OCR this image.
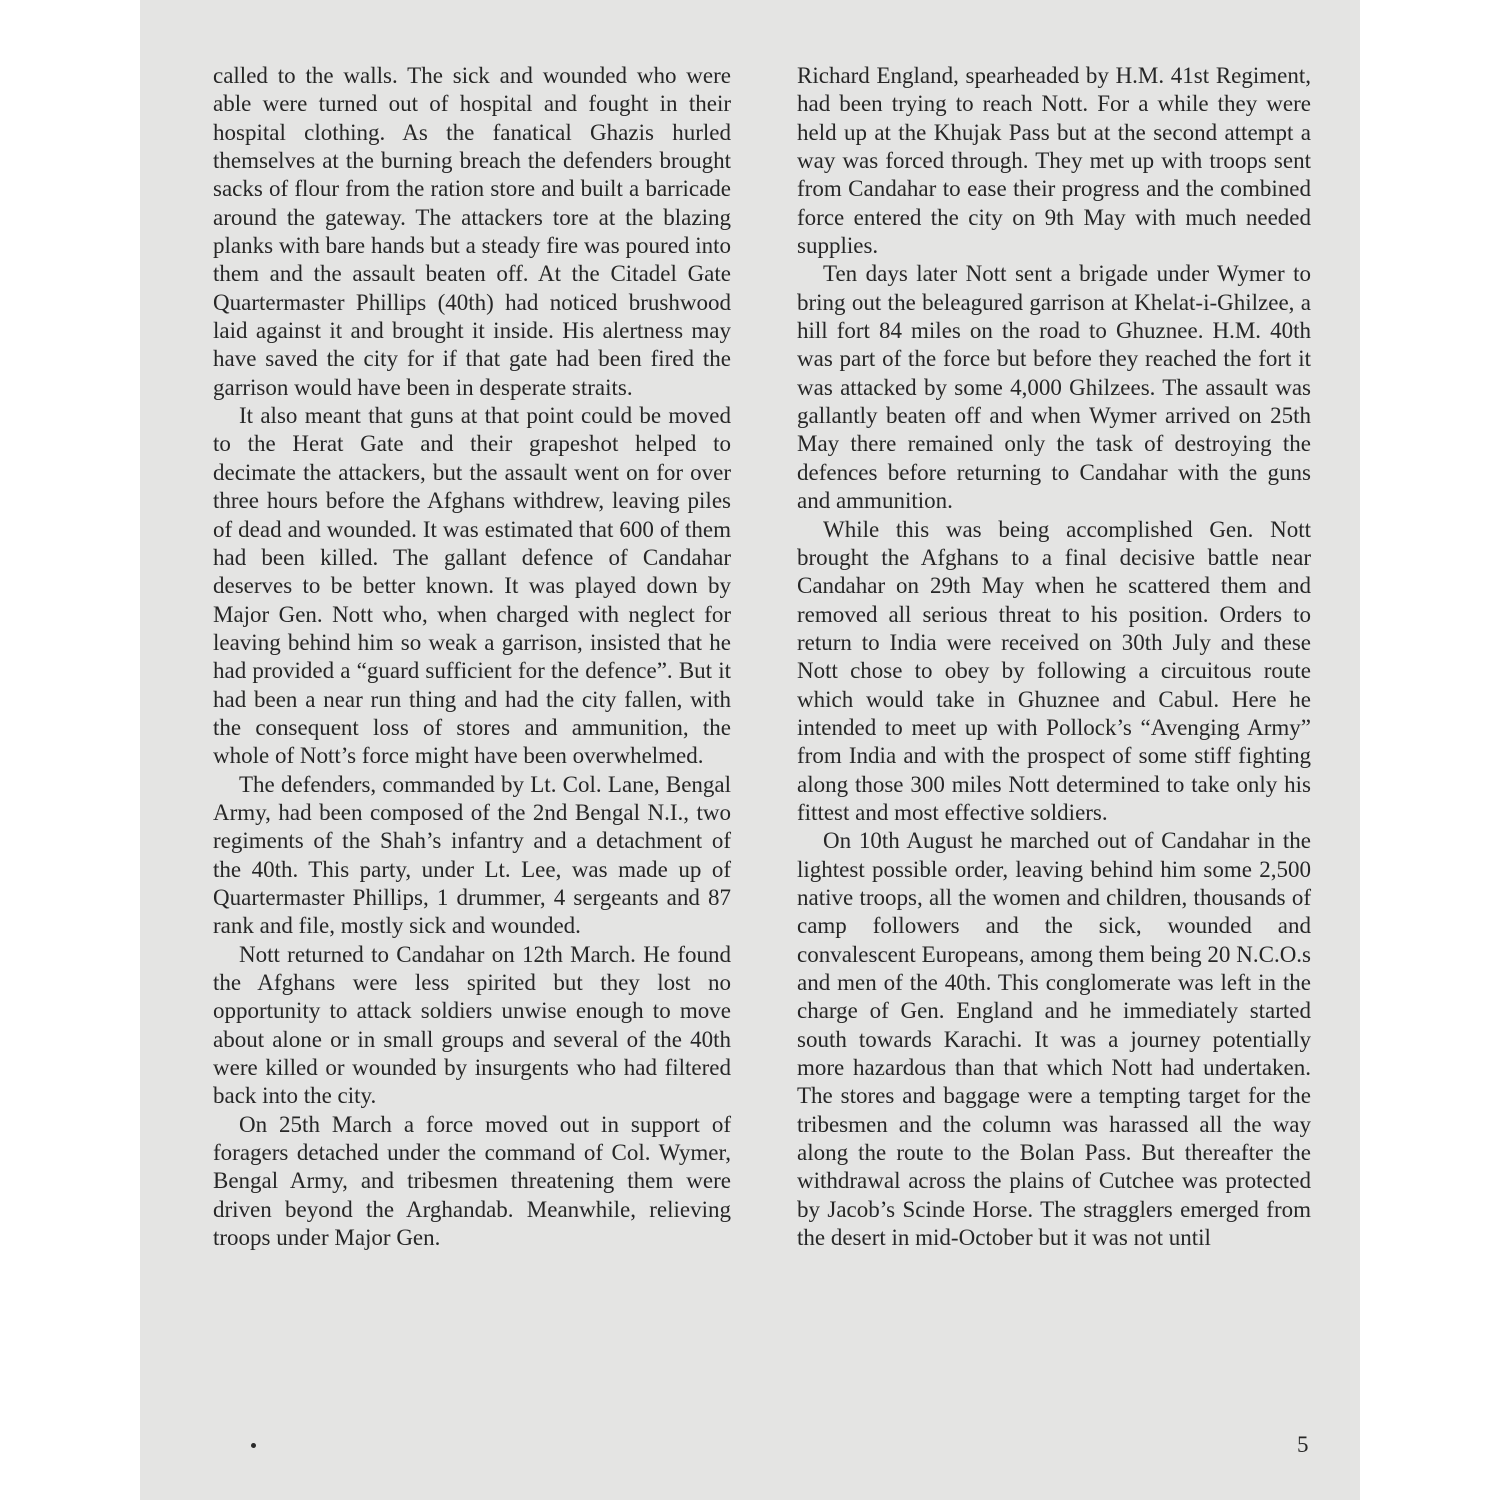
called to the walls. The sick and wounded who were able were turned out of hospital and fought in their hospital clothing. As the fanatical Ghazis hurled themselves at the burning breach the defenders brought sacks of flour from the ration store and built a barricade around the gateway. The attackers tore at the blazing planks with bare hands but a steady fire was poured into them and the assault beaten off. At the Citadel Gate Quartermaster Phillips (40th) had noticed brushwood laid against it and brought it inside. His alertness may have saved the city for if that gate had been fired the garrison would have been in desperate straits.

It also meant that guns at that point could be moved to the Herat Gate and their grapeshot helped to decimate the attackers, but the assault went on for over three hours before the Afghans withdrew, leaving piles of dead and wounded. It was estimated that 600 of them had been killed. The gallant defence of Candahar deserves to be better known. It was played down by Major Gen. Nott who, when charged with neglect for leaving behind him so weak a garrison, insisted that he had provided a “guard sufficient for the defence”. But it had been a near run thing and had the city fallen, with the consequent loss of stores and ammunition, the whole of Nott’s force might have been overwhelmed.

The defenders, commanded by Lt. Col. Lane, Bengal Army, had been composed of the 2nd Bengal N.I., two regiments of the Shah’s infantry and a detachment of the 40th. This party, under Lt. Lee, was made up of Quartermaster Phillips, 1 drummer, 4 sergeants and 87 rank and file, mostly sick and wounded.

Nott returned to Candahar on 12th March. He found the Afghans were less spirited but they lost no opportunity to attack soldiers unwise enough to move about alone or in small groups and several of the 40th were killed or wounded by insurgents who had filtered back into the city.

On 25th March a force moved out in support of foragers detached under the command of Col. Wymer, Bengal Army, and tribesmen threatening them were driven beyond the Arghandab. Meanwhile, relieving troops under Major Gen.

Richard England, spearheaded by H.M. 41st Regiment, had been trying to reach Nott. For a while they were held up at the Khujak Pass but at the second attempt a way was forced through. They met up with troops sent from Candahar to ease their progress and the combined force entered the city on 9th May with much needed supplies.

Ten days later Nott sent a brigade under Wymer to bring out the beleagured garrison at Khelat-i-Ghilzee, a hill fort 84 miles on the road to Ghuznee. H.M. 40th was part of the force but before they reached the fort it was attacked by some 4,000 Ghilzees. The assault was gallantly beaten off and when Wymer arrived on 25th May there remained only the task of destroying the defences before returning to Candahar with the guns and ammunition.

While this was being accomplished Gen. Nott brought the Afghans to a final decisive battle near Candahar on 29th May when he scattered them and removed all serious threat to his position. Orders to return to India were received on 30th July and these Nott chose to obey by following a circuitous route which would take in Ghuznee and Cabul. Here he intended to meet up with Pollock’s “Avenging Army” from India and with the prospect of some stiff fighting along those 300 miles Nott determined to take only his fittest and most effective soldiers.

On 10th August he marched out of Candahar in the lightest possible order, leaving behind him some 2,500 native troops, all the women and children, thousands of camp followers and the sick, wounded and convalescent Europeans, among them being 20 N.C.O.s and men of the 40th. This conglomerate was left in the charge of Gen. England and he immediately started south towards Karachi. It was a journey potentially more hazardous than that which Nott had undertaken. The stores and baggage were a tempting target for the tribesmen and the column was harassed all the way along the route to the Bolan Pass. But thereafter the withdrawal across the plains of Cutchee was protected by Jacob’s Scinde Horse. The stragglers emerged from the desert in mid-October but it was not until

5
